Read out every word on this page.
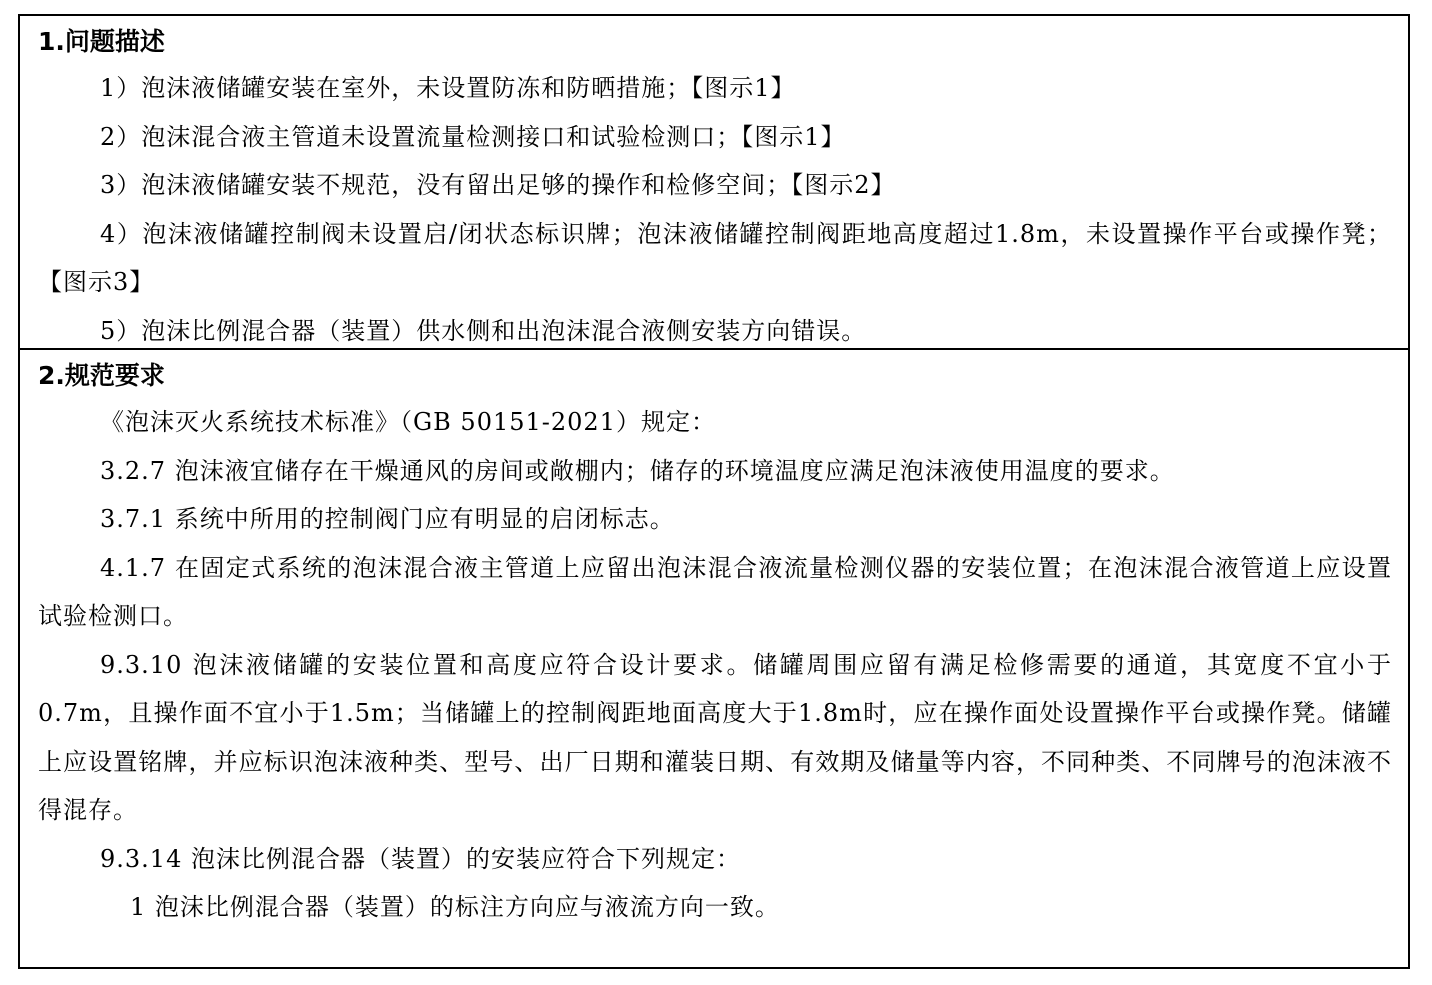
1.问题描述

1）泡沫液储罐安装在室外，未设置防冻和防晒措施；【图示1】

2）泡沫混合液主管道未设置流量检测接口和试验检测口；【图示1】

3）泡沫液储罐安装不规范，没有留出足够的操作和检修空间；【图示2】

4）泡沫液储罐控制阀未设置启/闭状态标识牌；泡沫液储罐控制阀距地高度超过1.8m，未设置操作平台或操作凳；【图示3】

5）泡沫比例混合器（装置）供水侧和出泡沫混合液侧安装方向错误。

2.规范要求

《泡沫灭火系统技术标准》（GB 50151-2021）规定：

3.2.7 泡沫液宜储存在干燥通风的房间或敞棚内；储存的环境温度应满足泡沫液使用温度的要求。

3.7.1 系统中所用的控制阀门应有明显的启闭标志。

4.1.7 在固定式系统的泡沫混合液主管道上应留出泡沫混合液流量检测仪器的安装位置；在泡沫混合液管道上应设置试验检测口。

9.3.10 泡沫液储罐的安装位置和高度应符合设计要求。储罐周围应留有满足检修需要的通道，其宽度不宜小于0.7m，且操作面不宜小于1.5m；当储罐上的控制阀距地面高度大于1.8m时，应在操作面处设置操作平台或操作凳。储罐上应设置铭牌，并应标识泡沫液种类、型号、出厂日期和灌装日期、有效期及储量等内容，不同种类、不同牌号的泡沫液不得混存。

9.3.14 泡沫比例混合器（装置）的安装应符合下列规定：

1 泡沫比例混合器（装置）的标注方向应与液流方向一致。
